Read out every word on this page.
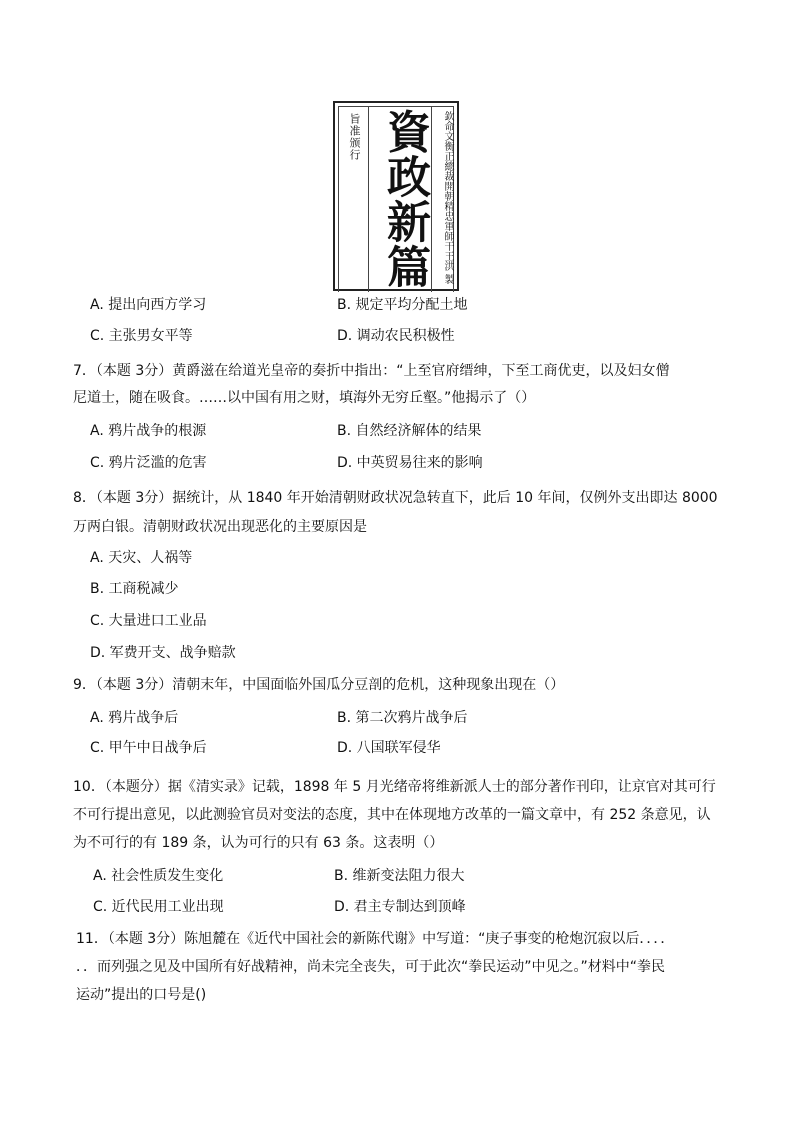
旨准颁行 資政新篇	欽命文衡正總裁開朝精忠軍師干王洪 製
A. 提出向西方学习	B. 规定平均分配土地
C. 主张男女平等	D. 调动农民积极性
7．（本题 3分）黄爵滋在给道光皇帝的奏折中指出：“上至官府缙绅，下至工商优吏，以及妇女僧
尼道士，随在吸食。……以中国有用之财，填海外无穷丘壑。”他揭示了（）
A. 鸦片战争的根源	B. 自然经济解体的结果
C. 鸦片泛滥的危害	D. 中英贸易往来的影响
8．（本题 3分）据统计，从 1840 年开始清朝财政状况急转直下，此后 10 年间，仅例外支出即达 8000
万两白银。清朝财政状况出现恶化的主要原因是
A. 天灾、人祸等
B. 工商税减少
C. 大量进口工业品
D. 军费开支、战争赔款
9．（本题 3分）清朝末年，中国面临外国瓜分豆剖的危机，这种现象出现在（）
A. 鸦片战争后	B. 第二次鸦片战争后
C. 甲午中日战争后	D. 八国联军侵华
10．（本题分）据《清实录》记载，1898 年 5 月光绪帝将维新派人士的部分著作刊印，让京官对其可行
不可行提出意见，以此测验官员对变法的态度，其中在体现地方改革的一篇文章中，有 252 条意见，认
为不可行的有 189 条，认为可行的只有 63 条。这表明（）
A. 社会性质发生变化	B. 维新变法阻力很大
C. 近代民用工业出现	D. 君主专制达到顶峰
11．（本题 3分）陈旭麓在《近代中国社会的新陈代谢》中写道：“庚子事变的枪炮沉寂以后．．．．
．．而列强之见及中国所有好战精神，尚未完全丧失，可于此次“拳民运动”中见之。”材料中“拳民
运动”提出的口号是()
